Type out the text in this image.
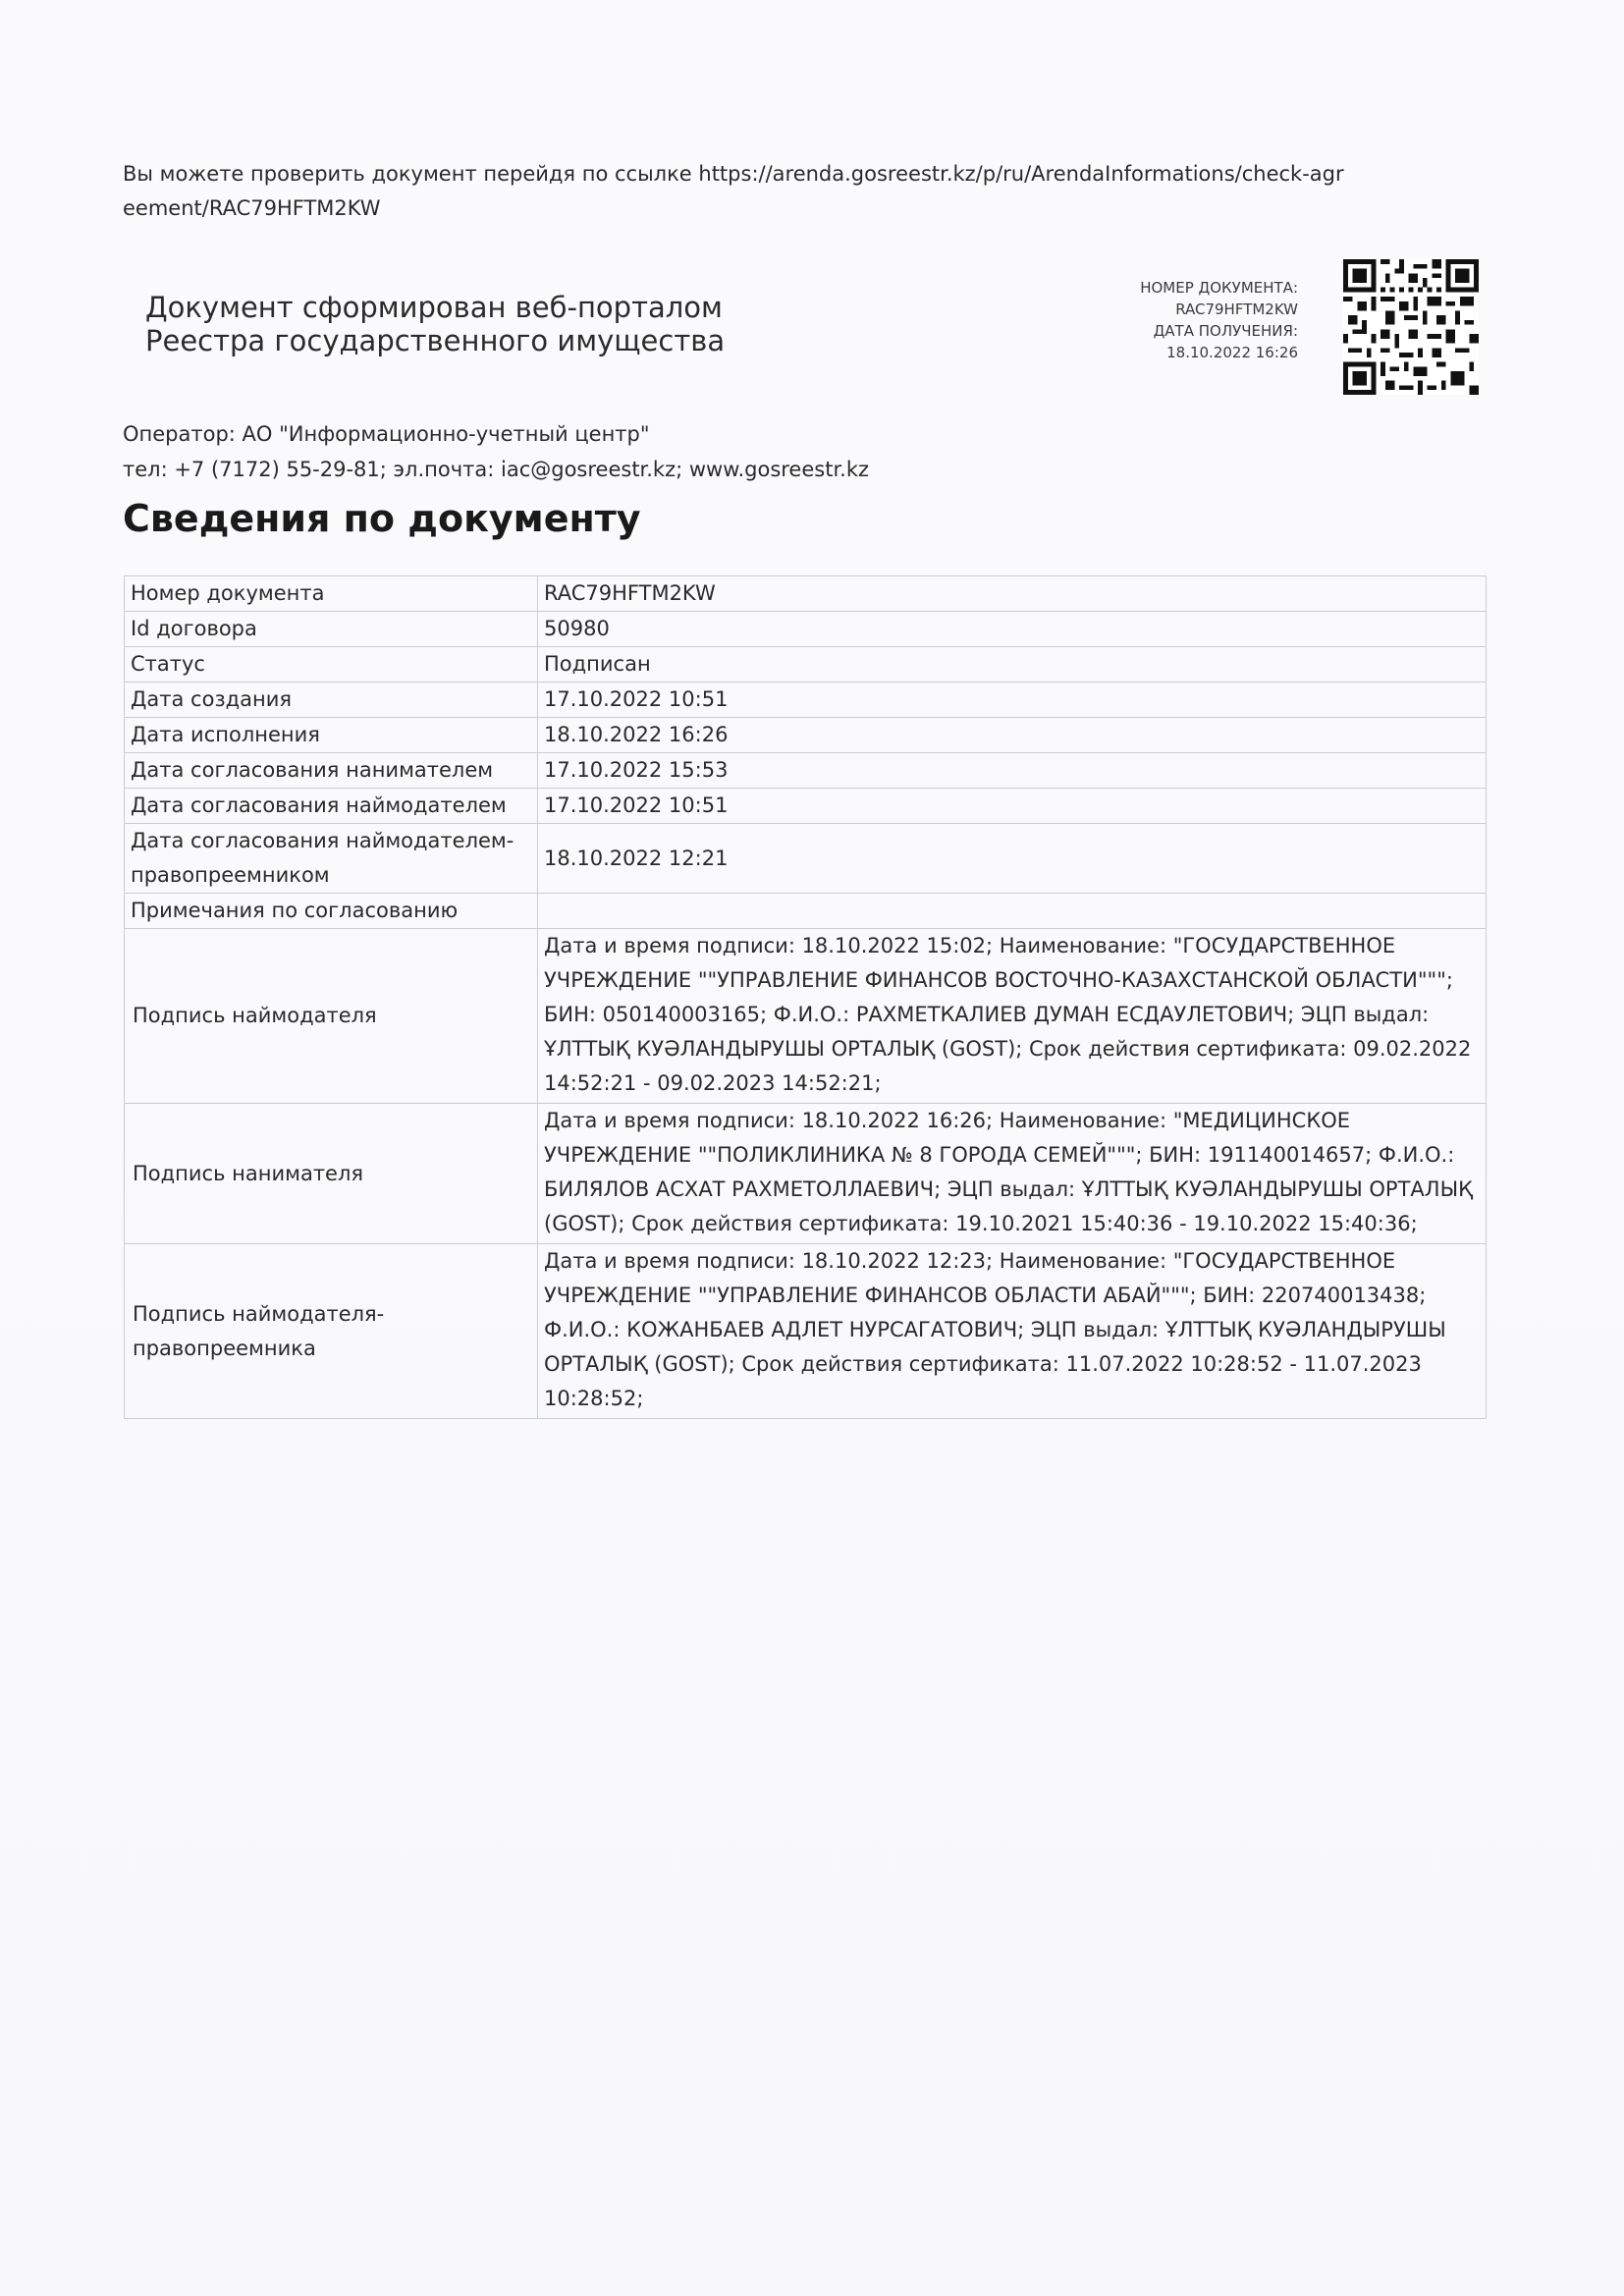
Вы можете проверить документ перейдя по ссылке https://arenda.gosreestr.kz/p/ru/ArendaInformations/check-agreement/RAC79HFTM2KW
Документ сформирован веб-порталом
Реестра государственного имущества
НОМЕР ДОКУМЕНТА:
RAC79HFTM2KW
ДАТА ПОЛУЧЕНИЯ:
18.10.2022 16:26
Оператор: АО "Информационно-учетный центр"
тел: +7 (7172) 55-29-81; эл.почта: iac@gosreestr.kz; www.gosreestr.kz
Сведения по документу
Номер документа	RAC79HFTM2KW
Id договора	50980
Статус	Подписан
Дата создания	17.10.2022 10:51
Дата исполнения	18.10.2022 16:26
Дата согласования нанимателем	17.10.2022 15:53
Дата согласования наймодателем	17.10.2022 10:51
Дата согласования наймодателем-правопреемником	18.10.2022 12:21
Примечания по согласованию	
Подпись наймодателя	Дата и время подписи: 18.10.2022 15:02; Наименование: "ГОСУДАРСТВЕННОЕ УЧРЕЖДЕНИЕ ""УПРАВЛЕНИЕ ФИНАНСОВ ВОСТОЧНО-КАЗАХСТАНСКОЙ ОБЛАСТИ"""; БИН: 050140003165; Ф.И.О.: РАХМЕТКАЛИЕВ ДУМАН ЕСДАУЛЕТОВИЧ; ЭЦП выдал: ҰЛТТЫҚ КУӘЛАНДЫРУШЫ ОРТАЛЫҚ (GOST); Срок действия сертификата: 09.02.2022 14:52:21 - 09.02.2023 14:52:21;
Подпись нанимателя	Дата и время подписи: 18.10.2022 16:26; Наименование: "МЕДИЦИНСКОЕ УЧРЕЖДЕНИЕ ""ПОЛИКЛИНИКА № 8 ГОРОДА СЕМЕЙ"""; БИН: 191140014657; Ф.И.О.: БИЛЯЛОВ АСХАТ РАХМЕТОЛЛАЕВИЧ; ЭЦП выдал: ҰЛТТЫҚ КУӘЛАНДЫРУШЫ ОРТАЛЫҚ (GOST); Срок действия сертификата: 19.10.2021 15:40:36 - 19.10.2022 15:40:36;
Подпись наймодателя-правопреемника	Дата и время подписи: 18.10.2022 12:23; Наименование: "ГОСУДАРСТВЕННОЕ УЧРЕЖДЕНИЕ ""УПРАВЛЕНИЕ ФИНАНСОВ ОБЛАСТИ АБАЙ"""; БИН: 220740013438; Ф.И.О.: КОЖАНБАЕВ АДЛЕТ НУРСАГАТОВИЧ; ЭЦП выдал: ҰЛТТЫҚ КУӘЛАНДЫРУШЫ ОРТАЛЫҚ (GOST); Срок действия сертификата: 11.07.2022 10:28:52 - 11.07.2023 10:28:52;
